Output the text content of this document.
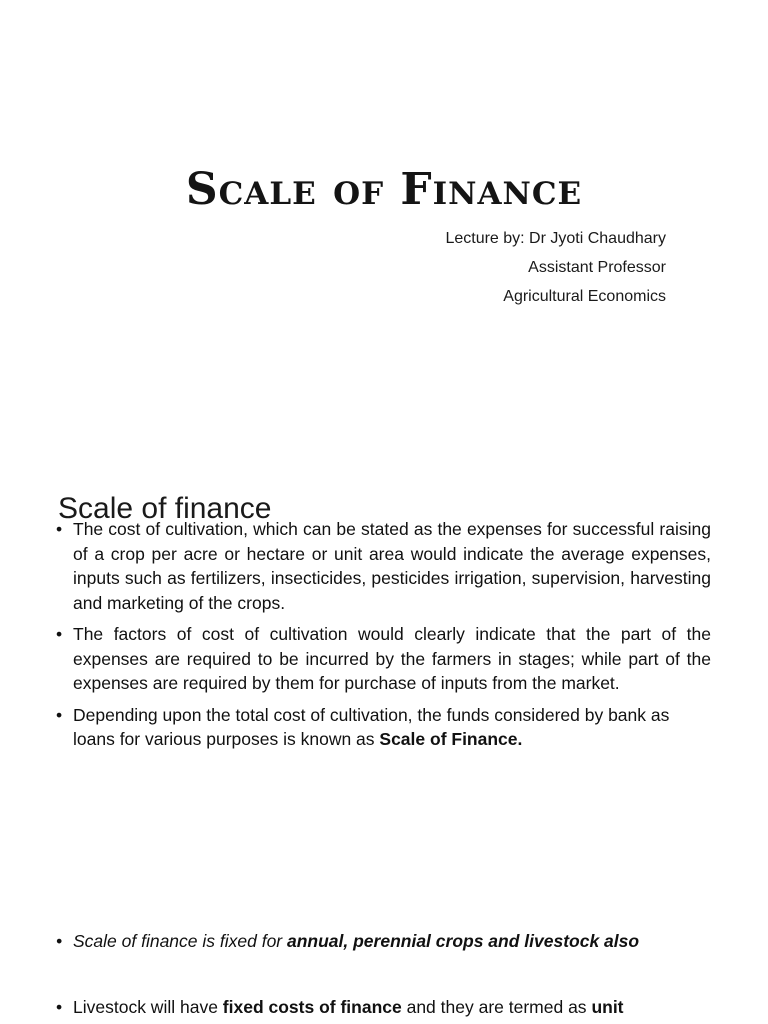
Scale of Finance
Lecture by: Dr Jyoti Chaudhary
Assistant Professor
Agricultural Economics
Scale of finance
• The cost of cultivation, which can be stated as the expenses for successful raising of a crop per acre or hectare or unit area would indicate the average expenses, inputs such as fertilizers, insecticides, pesticides irrigation, supervision, harvesting and marketing of the crops.
• The factors of cost of cultivation would clearly indicate that the part of the expenses are required to be incurred by the farmers in stages; while part of the expenses are required by them for purchase of inputs from the market.
• Depending upon the total cost of cultivation, the funds considered by bank as loans for various purposes is known as Scale of Finance.
• Scale of finance is fixed for annual, perennial crops and livestock also
• Livestock will have fixed costs of finance and they are termed as unit
